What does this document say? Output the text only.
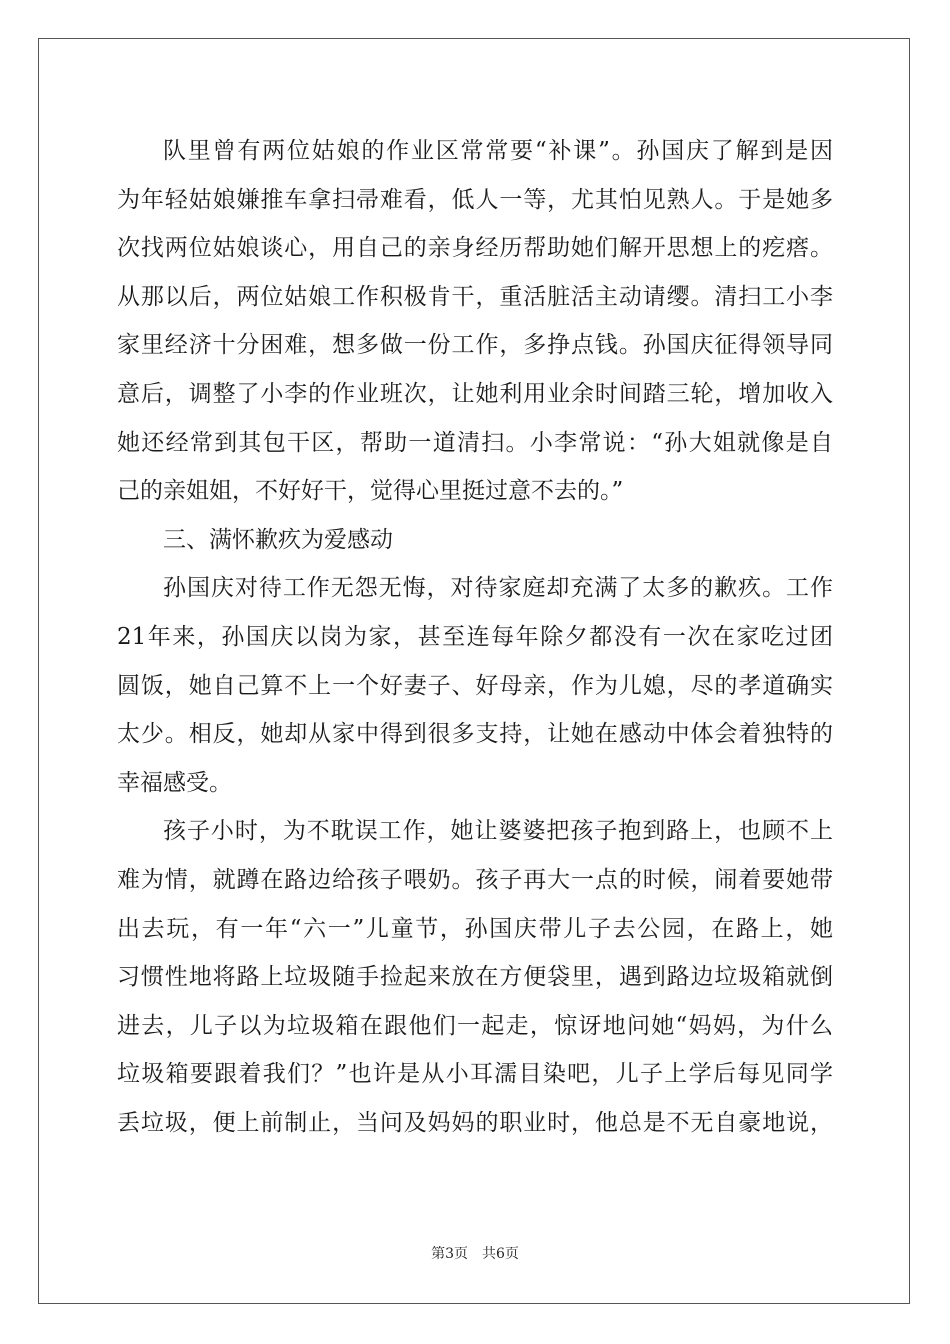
队里曾有两位姑娘的作业区常常要“补课”。孙国庆了解到是因
为年轻姑娘嫌推车拿扫帚难看，低人一等，尤其怕见熟人。于是她多
次找两位姑娘谈心，用自己的亲身经历帮助她们解开思想上的疙瘩。
从那以后，两位姑娘工作积极肯干，重活脏活主动请缨。清扫工小李
家里经济十分困难，想多做一份工作，多挣点钱。孙国庆征得领导同
意后，调整了小李的作业班次，让她利用业余时间踏三轮，增加收入
她还经常到其包干区，帮助一道清扫。小李常说：“孙大姐就像是自
己的亲姐姐，不好好干，觉得心里挺过意不去的。”
三、满怀歉疚为爱感动
孙国庆对待工作无怨无悔，对待家庭却充满了太多的歉疚。工作
21年来，孙国庆以岗为家，甚至连每年除夕都没有一次在家吃过团
圆饭，她自己算不上一个好妻子、好母亲，作为儿媳，尽的孝道确实
太少。相反，她却从家中得到很多支持，让她在感动中体会着独特的
幸福感受。
孩子小时，为不耽误工作，她让婆婆把孩子抱到路上，也顾不上
难为情，就蹲在路边给孩子喂奶。孩子再大一点的时候，闹着要她带
出去玩，有一年“六一”儿童节，孙国庆带儿子去公园，在路上，她
习惯性地将路上垃圾随手捡起来放在方便袋里，遇到路边垃圾箱就倒
进去，儿子以为垃圾箱在跟他们一起走，惊讶地问她“妈妈，为什么
垃圾箱要跟着我们？”也许是从小耳濡目染吧，儿子上学后每见同学
丢垃圾，便上前制止，当问及妈妈的职业时，他总是不无自豪地说，
第3页 共6页
